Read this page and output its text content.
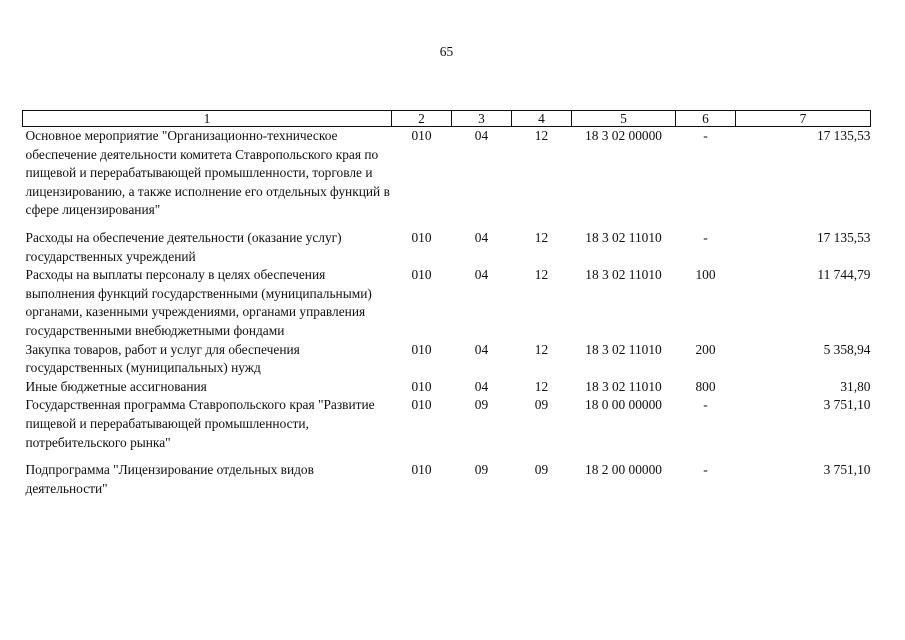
65
1	2	3	4	5	6	7
Основное мероприятие "Организационно-техническое обеспечение деятельности комитета Ставропольского края по пищевой и перерабатывающей промышленности, торговле и лицензированию, а также исполнение его отдельных функций в сфере лицензирования"	010	04	12	18 3 02 00000	-	17 135,53
Расходы на обеспечение деятельности (оказание услуг) государственных учреждений	010	04	12	18 3 02 11010	-	17 135,53
Расходы на выплаты персоналу в целях обеспечения выполнения функций государственными (муниципальными) органами, казенными учреждениями, органами управления государственными внебюджетными фондами	010	04	12	18 3 02 11010	100	11 744,79
Закупка товаров, работ и услуг для обеспечения государственных (муниципальных) нужд	010	04	12	18 3 02 11010	200	5 358,94
Иные бюджетные ассигнования	010	04	12	18 3 02 11010	800	31,80
Государственная программа Ставропольского края "Развитие пищевой и перерабатывающей промышленности, потребительского рынка"	010	09	09	18 0 00 00000	-	3 751,10
Подпрограмма "Лицензирование отдельных видов деятельности"	010	09	09	18 2 00 00000	-	3 751,10
